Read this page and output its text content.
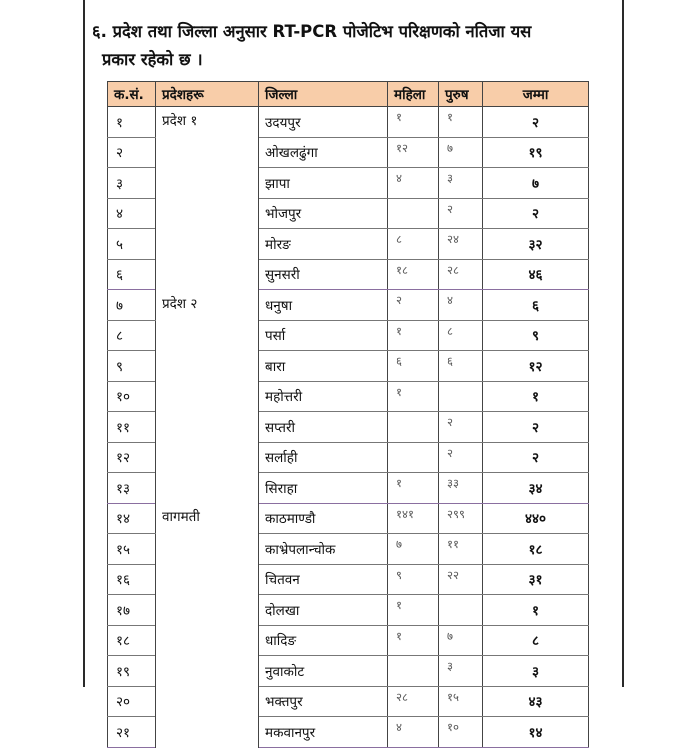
६. प्रदेश तथा जिल्ला अनुसार RT-PCR पोजेटिभ परिक्षणको नतिजा यस
प्रकार रहेको छ ।
क.सं.	प्रदेशहरू	जिल्ला	महिला	पुरुष	जम्मा
१	प्रदेश १	उदयपुर	१	१	२
२		ओखलढुंगा	१२	७	१९
३		झापा	४	३	७
४		भोजपुर		२	२
५		मोरङ	८	२४	३२
६		सुनसरी	१८	२८	४६
७	प्रदेश २	धनुषा	२	४	६
८		पर्सा	१	८	९
९		बारा	६	६	१२
१०		महोत्तरी	१		१
११		सप्तरी		२	२
१२		सर्लाही		२	२
१३		सिराहा	१	३३	३४
१४	वागमती	काठमाण्डौ	१४१	२९९	४४०
१५		काभ्रेपलान्चोक	७	११	१८
१६		चितवन	९	२२	३१
१७		दोलखा	१		१
१८		धादिङ	१	७	८
१९		नुवाकोट		३	३
२०		भक्तपुर	२८	१५	४३
२१		मकवानपुर	४	१०	१४
